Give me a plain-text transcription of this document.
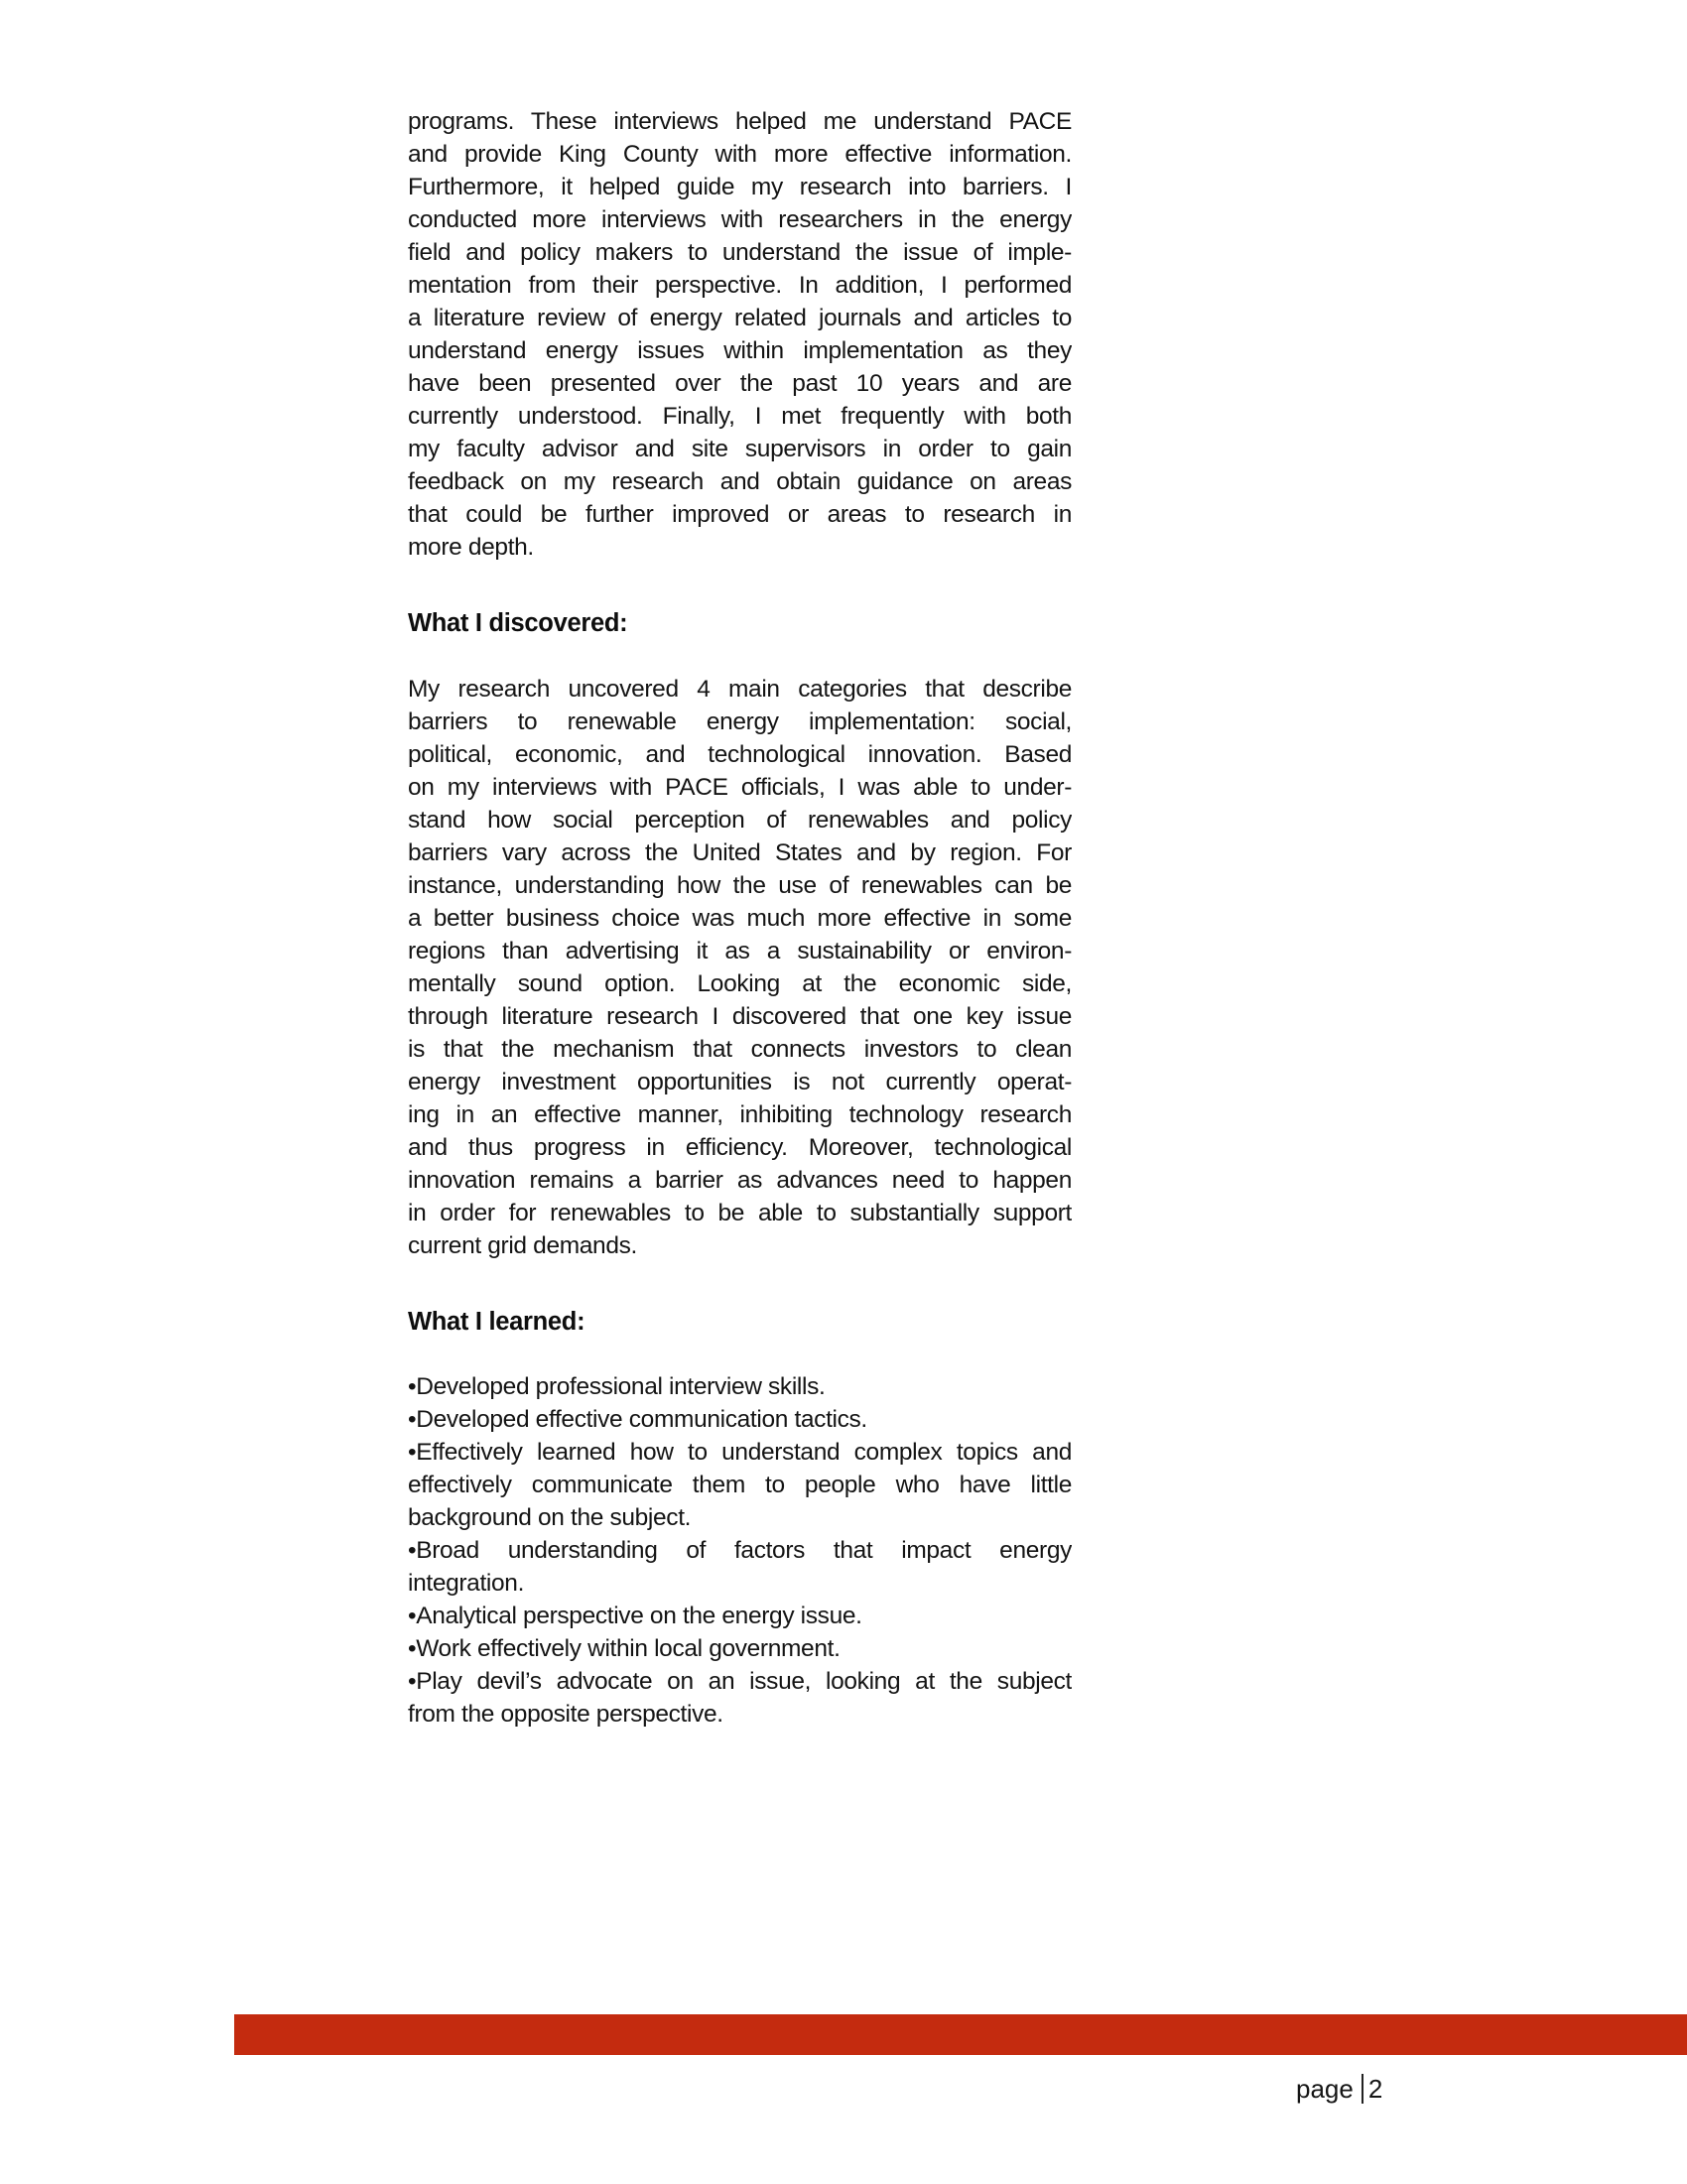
programs. These interviews helped me understand PACE
and provide King County with more effective information.
Furthermore, it helped guide my research into barriers. I
conducted more interviews with researchers in the energy
field and policy makers to understand the issue of imple-
mentation from their perspective. In addition, I performed
a literature review of energy related journals and articles to
understand energy issues within implementation as they
have been presented over the past 10 years and are
currently understood. Finally, I met frequently with both
my faculty advisor and site supervisors in order to gain
feedback on my research and obtain guidance on areas
that could be further improved or areas to research in
more depth.
What I discovered:
My research uncovered 4 main categories that describe
barriers to renewable energy implementation: social,
political, economic, and technological innovation. Based
on my interviews with PACE officials, I was able to under-
stand how social perception of renewables and policy
barriers vary across the United States and by region. For
instance, understanding how the use of renewables can be
a better business choice was much more effective in some
regions than advertising it as a sustainability or environ-
mentally sound option. Looking at the economic side,
through literature research I discovered that one key issue
is that the mechanism that connects investors to clean
energy investment opportunities is not currently operat-
ing in an effective manner, inhibiting technology research
and thus progress in efficiency. Moreover, technological
innovation remains a barrier as advances need to happen
in order for renewables to be able to substantially support
current grid demands.
What I learned:
•Developed professional interview skills.
•Developed effective communication tactics.
•Effectively learned how to understand complex topics and
effectively communicate them to people who have little
background on the subject.
•Broad understanding of factors that impact energy
integration.
•Analytical perspective on the energy issue.
•Work effectively within local government.
•Play devil’s advocate on an issue, looking at the subject
from the opposite perspective.
page 2
